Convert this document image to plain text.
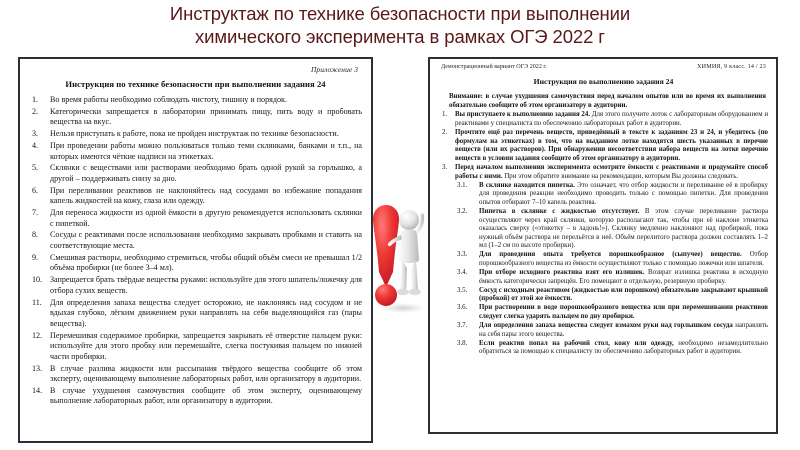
Инструктаж по технике безопасности при выполнении
химического эксперимента в рамках ОГЭ 2022 г
Приложение 3
Инструкция по технике безопасности при выполнении задания 24
Во время работы необходимо соблюдать чистоту, тишину и порядок.
Категорически запрещается в лаборатории принимать пищу, пить воду и пробовать вещества на вкус.
Нельзя приступать к работе, пока не пройден инструктаж по технике безопасности.
При проведении работы можно пользоваться только теми склянками, банками и т.п., на которых имеются чёткие надписи на этикетках.
Склянки с веществами или растворами необходимо брать одной рукой за горлышко, а другой – поддерживать снизу за дно.
При переливании реактивов не наклоняйтесь над сосудами во избежание попадания капель жидкостей на кожу, глаза или одежду.
Для переноса жидкости из одной ёмкости в другую рекомендуется использовать склянки с пипеткой.
Сосуды с реактивами после использования необходимо закрывать пробками и ставить на соответствующие места.
Смешивая растворы, необходимо стремиться, чтобы общий объём смеси не превышал 1/2 объёма пробирки (не более 3–4 мл).
Запрещается брать твёрдые вещества руками: используйте для этого шпатель/ложечку для отбора сухих веществ.
Для определения запаха вещества следует осторожно, не наклоняясь над сосудом и не вдыхая глубоко, лёгким движением руки направлять на себя выделяющийся газ (пары вещества).
Перемешивая содержимое пробирки, запрещается закрывать её отверстие пальцем руки: используйте для этого пробку или перемешайте, слегка постукивая пальцем по нижней части пробирки.
В случае разлива жидкости или рассыпания твёрдого вещества сообщите об этом эксперту, оценивающему выполнение лабораторных работ, или организатору в аудитории.
В случае ухудшения самочувствия сообщите об этом эксперту, оценивающему выполнение лабораторных работ, или организатору в аудитории.
Демонстрационный вариант ОГЭ 2022 г.	ХИМИЯ, 9 класс. 14 / 23
Инструкция по выполнению задания 24

Внимание: в случае ухудшения самочувствия перед началом опытов или во время их выполнения обязательно сообщите об этом организатору в аудитории.

Вы приступаете к выполнению задания 24. Для этого получите лоток с лабораторным оборудованием и реактивами у специалиста по обеспечению лабораторных работ в аудитории.
Прочтите ещё раз перечень веществ, приведённый в тексте к заданиям 23 и 24, и убедитесь (по формулам на этикетках) в том, что на выданном лотке находятся шесть указанных в перечне веществ (или их растворов). При обнаружении несоответствия набора веществ на лотке перечню веществ в условии задания сообщите об этом организатору в аудитории.
Перед началом выполнения эксперимента осмотрите ёмкости с реактивами и продумайте способ работы с ними. При этом обратите внимание на рекомендации, которым Вы должны следовать.
3.1.	В склянке находится пипетка. Это означает, что отбор жидкости и переливание её в пробирку для проведения реакции необходимо проводить только с помощью пипетки. Для проведения опытов отбирают 7–10 капель реактива.
3.2.	Пипетка в склянке с жидкостью отсутствует. В этом случае переливание раствора осуществляют через край склянки, которую располагают так, чтобы при её наклоне этикетка оказалась сверху («этикетку – в ладонь!»). Склянку медленно наклоняют над пробиркой, пока нужный объём раствора не перельётся в неё. Объём перелитого раствора должен составлять 1–2 мл (1–2 см по высоте пробирки).
3.3.	Для проведения опыта требуется порошкообразное (сыпучее) вещество. Отбор порошкообразного вещества из ёмкости осуществляют только с помощью ложечки или шпателя.
3.4.	При отборе исходного реактива взят его излишек. Возврат излишка реактива в исходную ёмкость категорически запрещён. Его помещают в отдельную, резервную пробирку.
3.5.	Сосуд с исходным реактивом (жидкостью или порошком) обязательно закрывают крышкой (пробкой) от этой же ёмкости.
3.6.	При растворении в воде порошкообразного вещества или при перемешивании реактивов следует слегка ударять пальцем по дну пробирки.
3.7.	Для определения запаха вещества следует взмахом руки над горлышком сосуда направлять на себя пары этого вещества.
3.8.	Если реактив попал на рабочий стол, кожу или одежду, необходимо незамедлительно обратиться за помощью к специалисту по обеспечению лабораторных работ в аудитории.
